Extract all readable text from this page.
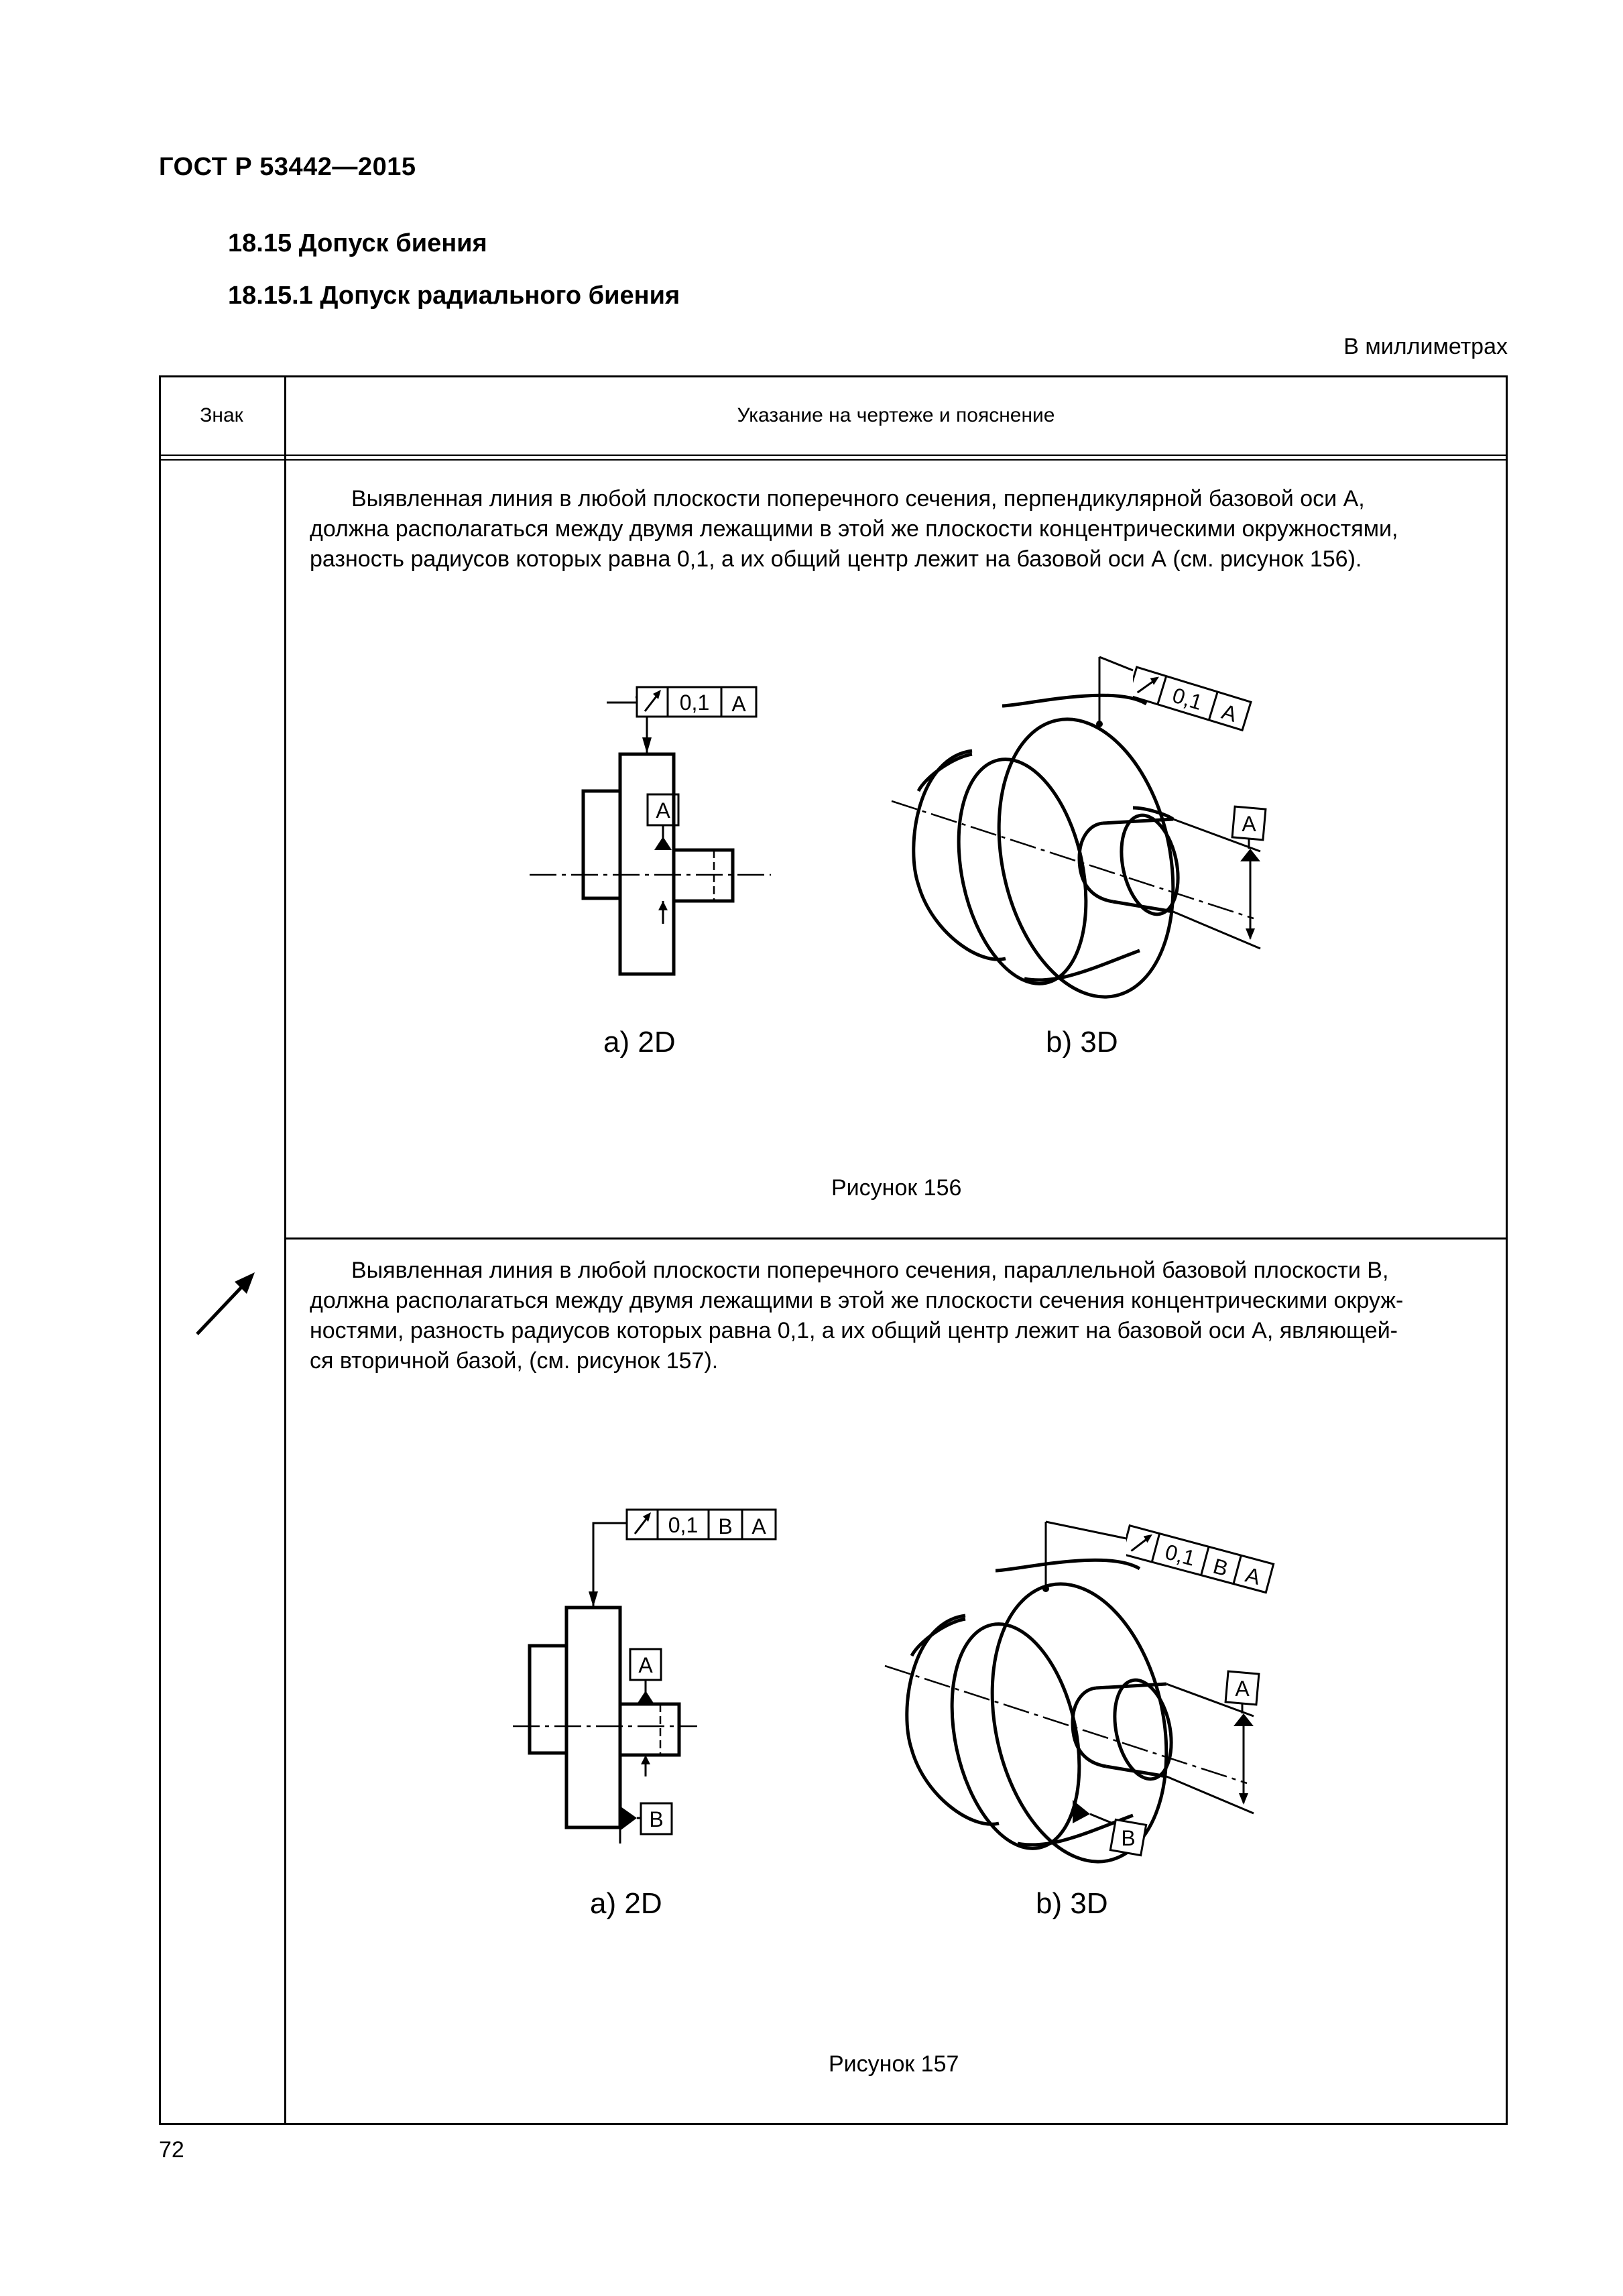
ГОСТ Р 53442—2015
18.15 Допуск биения
18.15.1 Допуск радиального биения
В миллиметрах
Знак	Указание на чертеже и пояснение
Выявленная линия в любой плоскости поперечного сечения, перпендикулярной базовой оси А,
должна располагаться между двумя лежащими в этой же плоскости концентрическими окружностями,
разность радиусов которых равна 0,1, а их общий центр лежит на базовой оси А (см. рисунок 156).
A
0,1 A
A
0,1 A
a) 2D	b) 3D
Рисунок 156
Выявленная линия в любой плоскости поперечного сечения, параллельной базовой плоскости В,
должна располагаться между двумя лежащими в этой же плоскости сечения концентрическими окруж-
ностями, разность радиусов которых равна 0,1, а их общий центр лежит на базовой оси А, являющей-
ся вторичной базой, (см. рисунок 157).
A
B
0,1 B A
A
B
0,1 B A
a) 2D	b) 3D
Рисунок 157
72
